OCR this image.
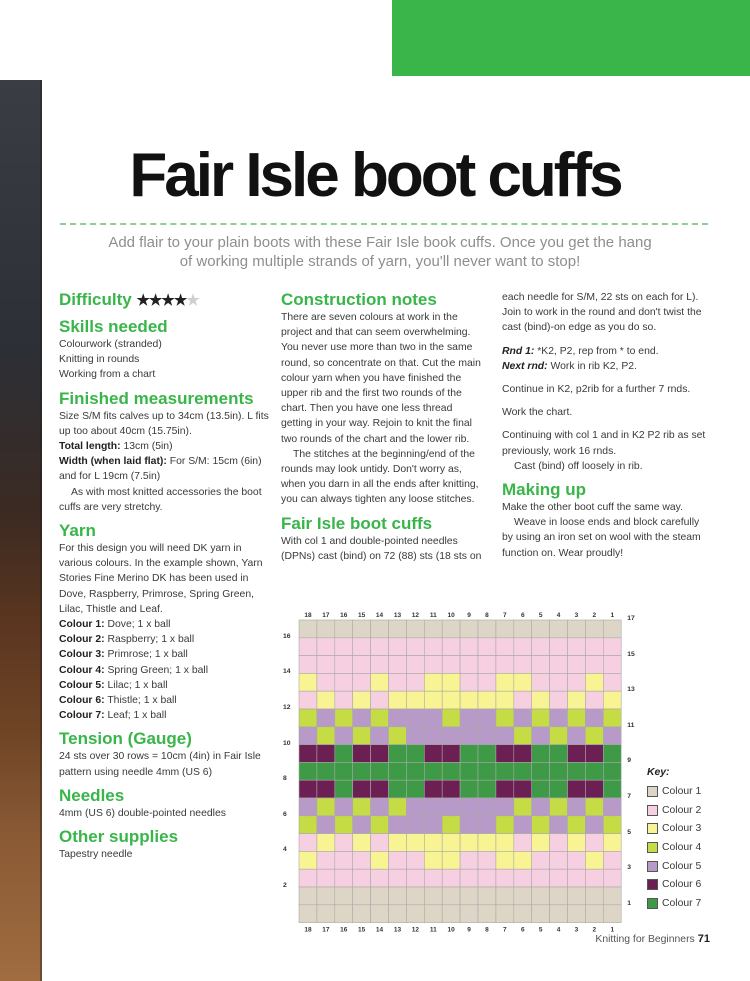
Fair Isle boot cuffs

Add flair to your plain boots with these Fair Isle book cuffs. Once you get the hang of working multiple strands of yarn, you'll never want to stop!

Difficulty ★★★★★
Skills needed

Colourwork (stranded)

Knitting in rounds

Working from a chart

Finished measurements

Size S/M fits calves up to 34cm (13.5in). L fits up too about 40cm (15.75in).

Total length: 13cm (5in)

Width (when laid flat): For S/M: 15cm (6in) and for L 19cm (7.5in)

As with most knitted accessories the boot cuffs are very stretchy.

Yarn

For this design you will need DK yarn in various colours. In the example shown, Yarn Stories Fine Merino DK has been used in Dove, Raspberry, Primrose, Spring Green, Lilac, Thistle and Leaf.

Colour 1: Dove; 1 x ball

Colour 2: Raspberry; 1 x ball

Colour 3: Primrose; 1 x ball

Colour 4: Spring Green; 1 x ball

Colour 5: Lilac; 1 x ball

Colour 6: Thistle; 1 x ball

Colour 7: Leaf; 1 x ball

Tension (Gauge)

24 sts over 30 rows = 10cm (4in) in Fair Isle pattern using needle 4mm (US 6)

Needles

4mm (US 6) double-pointed needles

Other supplies

Tapestry needle

Construction notes

There are seven colours at work in the project and that can seem overwhelming. You never use more than two in the same round, so concentrate on that. Cut the main colour yarn when you have finished the upper rib and the first two rounds of the chart. Then you have one less thread getting in your way. Rejoin to knit the final two rounds of the chart and the lower rib.

The stitches at the beginning/end of the rounds may look untidy. Don't worry as, when you darn in all the ends after knitting, you can always tighten any loose stitches.

Fair Isle boot cuffs

With col 1 and double-pointed needles (DPNs) cast (bind) on 72 (88) sts (18 sts on

each needle for S/M, 22 sts on each for L). Join to work in the round and don't twist the cast (bind)-on edge as you do so.

Rnd 1: *K2, P2, rep from * to end.

Next rnd: Work in rib K2, P2.

Continue in K2, p2rib for a further 7 rnds.

Work the chart.

Continuing with col 1 and in K2 P2 rib as set previously, work 16 rnds.

Cast (bind) off loosely in rib.

Making up

Make the other boot cuff the same way.

Weave in loose ends and block carefully by using an iron set on wool with the steam function on. Wear proudly!

18
18
17
17
16
16
15
15
14
14
13
13
12
12
11
11
10
10
9
9
8
8
7
7
6
6
5
5
4
4
3
3
2
2
1
1
Key:
Colour 1
Colour 2
Colour 3
Colour 4
Colour 5
Colour 6
Colour 7
Knitting for Beginners 71
17
16
15
14
13
12
11
10
9
8
7
6
5
4
3
2
1
